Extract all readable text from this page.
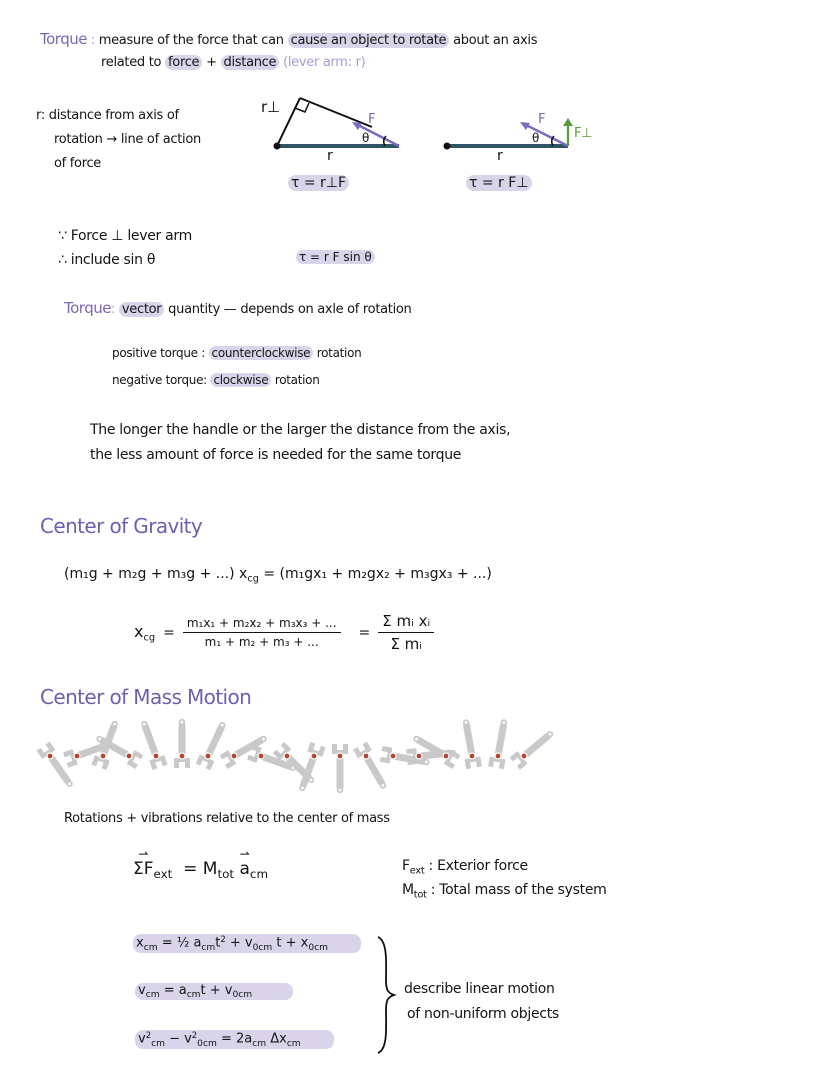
Torque : measure of the force that can cause an object to rotate about an axis
related to force + distance (lever arm: r)
r: distance from axis of
rotation → line of action
of force
r⊥
F
θ
r
τ = r⊥F
F
F⊥
θ
r
τ = r F⊥
∵ Force ⊥ lever arm
∴ include sin θ	τ = r F sin θ
Torque: vector quantity — depends on axle of rotation
positive torque : counterclockwise rotation
negative torque: clockwise rotation
The longer the handle or the larger the distance from the axis,
the less amount of force is needed for the same torque
Center of Gravity
(m₁g + m₂g + m₃g + ...) $x_{cg} = (m_1gx_1 + m_2gx_2 + m_3gx_3$ + ...)
$x_{cg} = \frac{\text{m₁x₁ + m₂x₂ + m₃x₃ + ...}}{\text{m₁ + m₂ + m₃ + ...}} = \frac{\text{Σ mᵢ xᵢ}}{\text{Σ mᵢ}}$
Center of Mass Motion
Rotations + vibrations relative to the center of mass
⇀ $\Sigma F_{ext} = M_{tot}$ ⇀ $a_{cm}$
$F_{ext}$ : Exterior force
$M_{tot}$ : Total mass of the system
$x_{cm}$ = ½ $a_{cm}t^2 + v_{0cm}$ $t + x_{0cm}$
$v_{cm} = a_{cm}t + v_{0cm}$
$v^2_{cm} - v^2_{0cm} = 2a_{cm}$ $\Delta x_{cm}$
describe linear motion
of non-uniform objects
